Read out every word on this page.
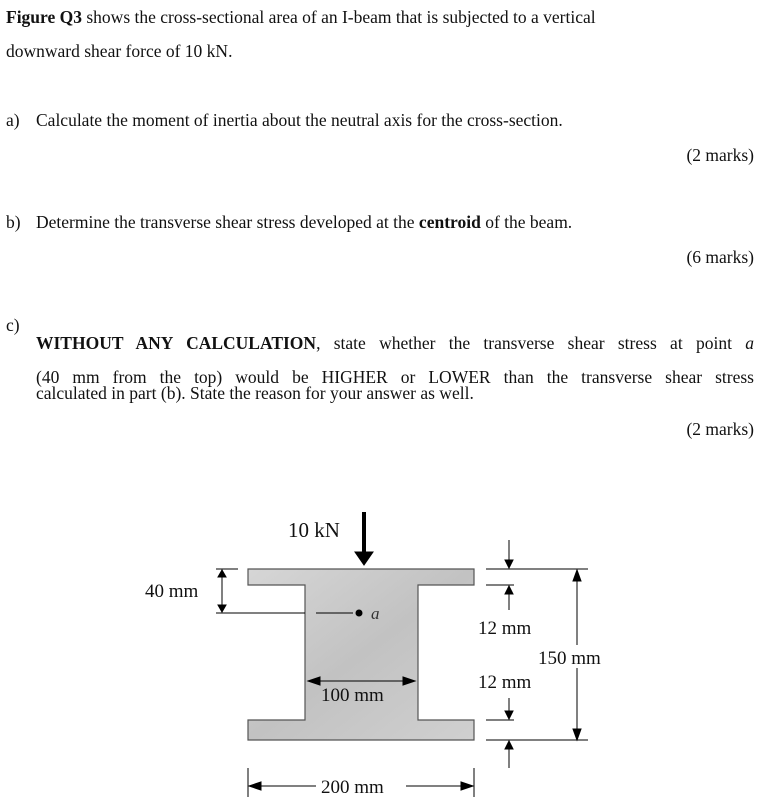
Figure Q3 shows the cross-sectional area of an I-beam that is subjected to a vertical

downward shear force of 10 kN.

a) Calculate the moment of inertia about the neutral axis for the cross-section.

(2 marks)
b) Determine the transverse shear stress developed at the centroid of the beam.

(6 marks)
c)

WITHOUT ANY CALCULATION, state whether the transverse shear stress at point a

(40 mm from the top) would be HIGHER or LOWER than the transverse shear stress

calculated in part (b). State the reason for your answer as well.

(2 marks)
10 kN
a
40 mm
12 mm
12 mm
150 mm
100 mm
200 mm
